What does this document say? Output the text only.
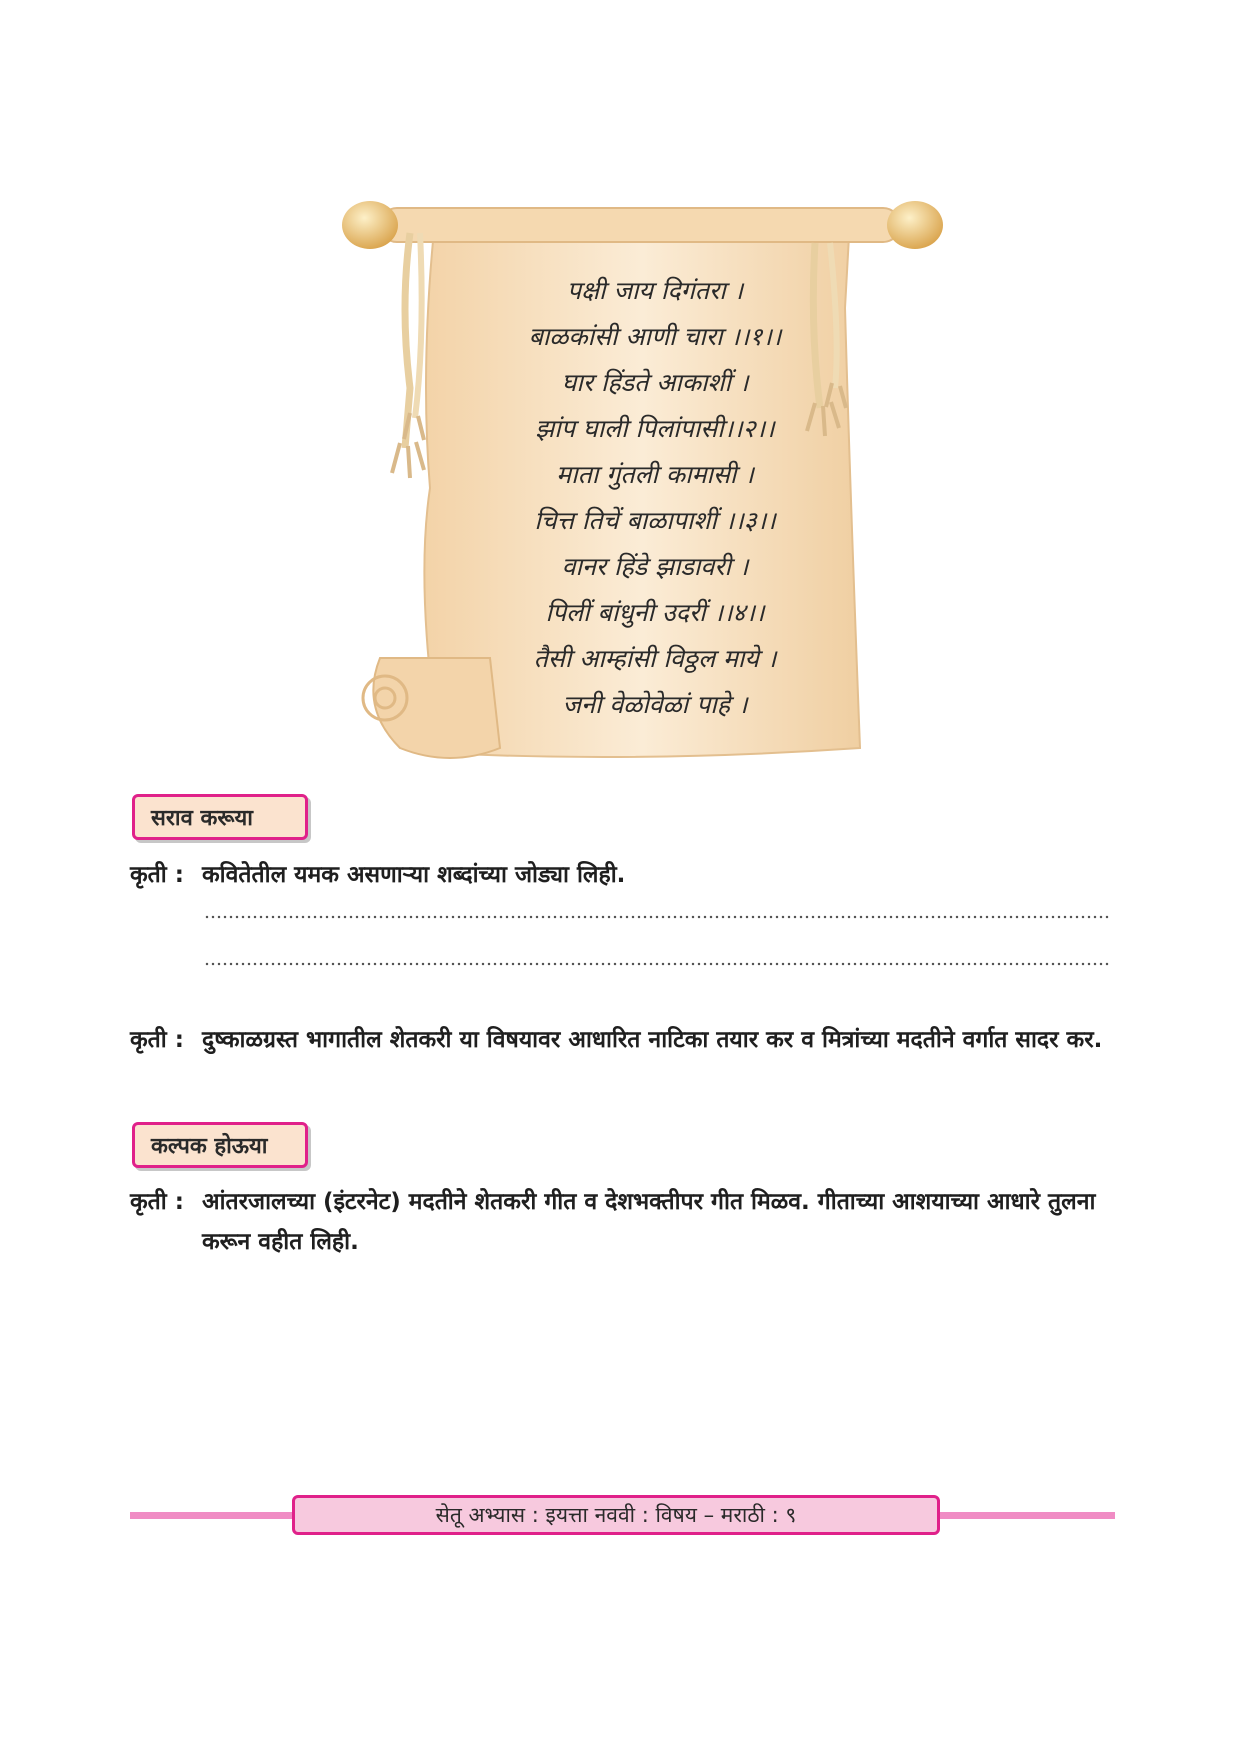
पक्षी जाय दिगंतरा ।
बाळकांसी आणी चारा ।।१।।
घार हिंडते आकाशीं ।
झांप घाली पिलांपासी।।२।।
माता गुंतली कामासी ।
चित्त तिचें बाळापाशीं ।।३।।
वानर हिंडे झाडावरी ।
पिलीं बांधुनी उदरीं ।।४।।
तैसी आम्हांसी विठ्ठल माये ।
जनी वेळोवेळां पाहे ।
सराव करूया
कृती : कवितेतील यमक असणाऱ्या शब्दांच्या जोड्या लिही.
कृती : दुष्काळग्रस्त भागातील शेतकरी या विषयावर आधारित नाटिका तयार कर व मित्रांच्या मदतीने वर्गात सादर कर.
कल्पक होऊया
कृती : आंतरजालच्या (इंटरनेट) मदतीने शेतकरी गीत व देशभक्तीपर गीत मिळव. गीताच्या आशयाच्या आधारे तुलना करून वहीत लिही.
सेतू अभ्यास : इयत्ता नववी : विषय – मराठी : ९
